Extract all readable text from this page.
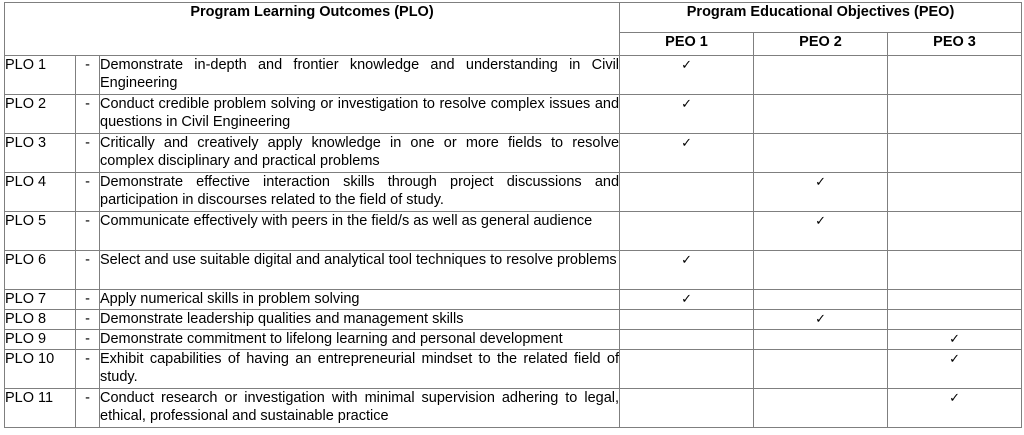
Program Learning Outcomes (PLO)			Program Educational Objectives (PEO)		
			PEO 1	PEO 2	PEO 3
PLO 1	-	Demonstrate in-depth and frontier knowledge and understanding in Civil Engineering	✓		
PLO 2	-	Conduct credible problem solving or investigation to resolve complex issues and questions in Civil Engineering	✓		
PLO 3	-	Critically and creatively apply knowledge in one or more fields to resolve complex disciplinary and practical problems	✓		
PLO 4	-	Demonstrate effective interaction skills through project discussions and participation in discourses related to the field of study.		✓	
PLO 5	-	Communicate effectively with peers in the field/s as well as general audience		✓	
PLO 6	-	Select and use suitable digital and analytical tool techniques to resolve problems	✓		
PLO 7	-	Apply numerical skills in problem solving	✓		
PLO 8	-	Demonstrate leadership qualities and management skills		✓	
PLO 9	-	Demonstrate commitment to lifelong learning and personal development			✓
PLO 10	-	Exhibit capabilities of having an entrepreneurial mindset to the related field of study.			✓
PLO 11	-	Conduct research or investigation with minimal supervision adhering to legal, ethical, professional and sustainable practice			✓
